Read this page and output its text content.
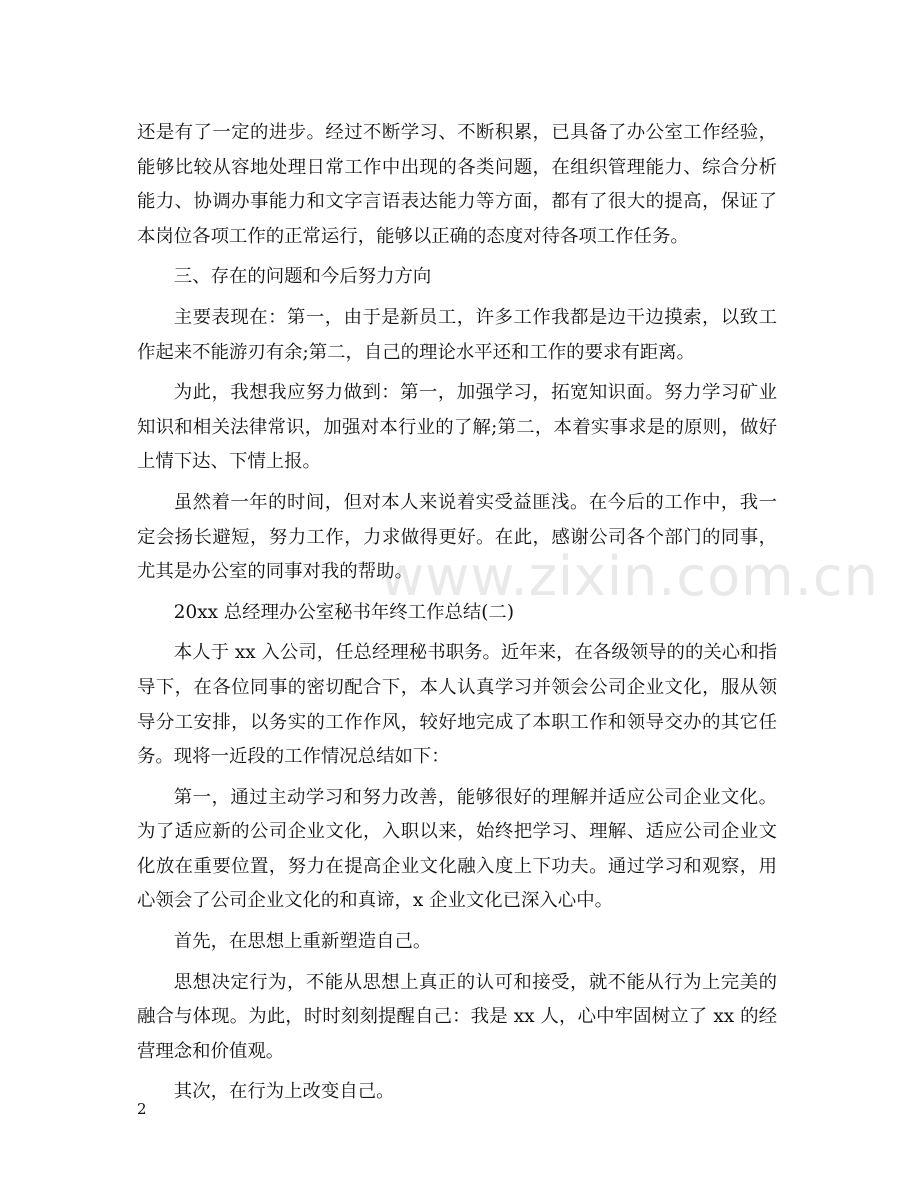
www.zixin.com.cn

还是有了一定的进步。经过不断学习、不断积累，已具备了办公室工作经验，能够比较从容地处理日常工作中出现的各类问题，在组织管理能力、综合分析能力、协调办事能力和文字言语表达能力等方面，都有了很大的提高，保证了本岗位各项工作的正常运行，能够以正确的态度对待各项工作任务。

三、存在的问题和今后努力方向

主要表现在：第一，由于是新员工，许多工作我都是边干边摸索，以致工作起来不能游刃有余;第二，自己的理论水平还和工作的要求有距离。

为此，我想我应努力做到：第一，加强学习，拓宽知识面。努力学习矿业知识和相关法律常识，加强对本行业的了解;第二，本着实事求是的原则，做好上情下达、下情上报。

虽然着一年的时间，但对本人来说着实受益匪浅。在今后的工作中，我一定会扬长避短，努力工作，力求做得更好。在此，感谢公司各个部门的同事，尤其是办公室的同事对我的帮助。

20xx 总经理办公室秘书年终工作总结(二)

本人于 xx 入公司，任总经理秘书职务。近年来，在各级领导的的关心和指导下，在各位同事的密切配合下，本人认真学习并领会公司企业文化，服从领导分工安排，以务实的工作作风，较好地完成了本职工作和领导交办的其它任务。现将一近段的工作情况总结如下：

第一，通过主动学习和努力改善，能够很好的理解并适应公司企业文化。为了适应新的公司企业文化，入职以来，始终把学习、理解、适应公司企业文化放在重要位置，努力在提高企业文化融入度上下功夫。通过学习和观察，用心领会了公司企业文化的和真谛，x 企业文化已深入心中。

首先，在思想上重新塑造自己。

思想决定行为，不能从思想上真正的认可和接受，就不能从行为上完美的融合与体现。为此，时时刻刻提醒自己：我是 xx 人，心中牢固树立了 xx 的经营理念和价值观。

其次，在行为上改变自己。

2
